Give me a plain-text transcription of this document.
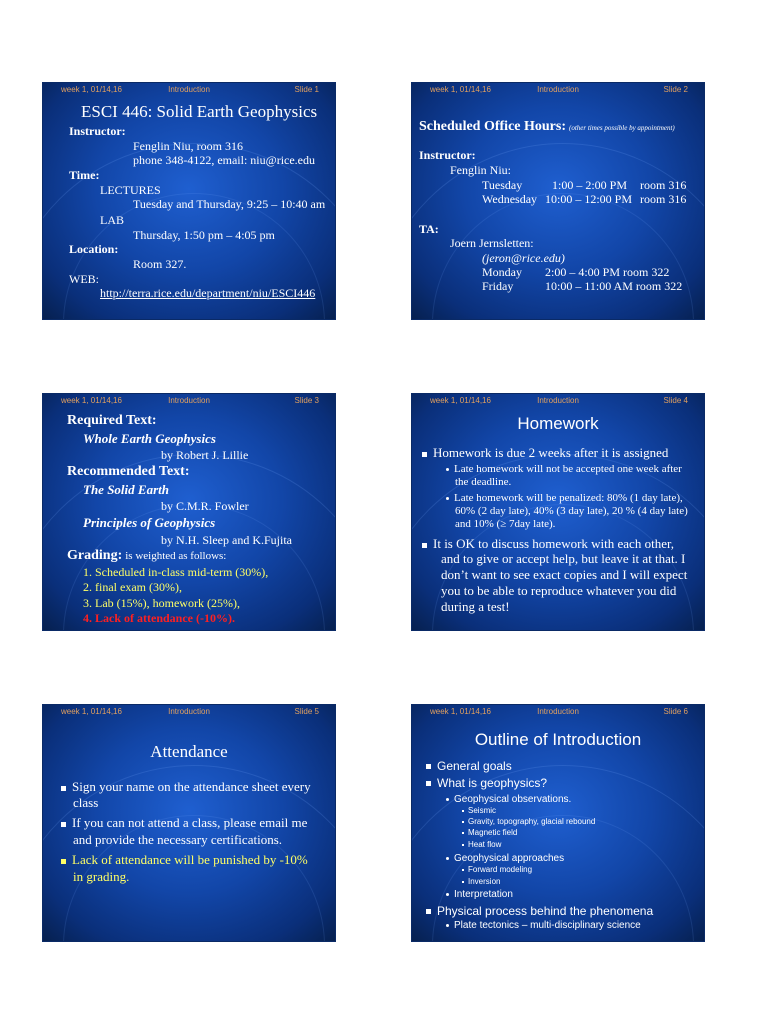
week 1, 01/14,16	Introduction	Slide 1
ESCI 446: Solid Earth Geophysics
Instructor:
Fenglin Niu, room 316
phone 348-4122, email: niu@rice.edu
Time:
LECTURES
Tuesday and Thursday, 9:25 – 10:40 am
LAB
Thursday, 1:50 pm – 4:05 pm
Location:
Room 327.
WEB:
http://terra.rice.edu/department/niu/ESCI446
week 1, 01/14,16	Introduction	Slide 2
Scheduled Office Hours: (other times possible by appointment)
Instructor:
Fenglin Niu:
Tuesday 1:00 – 2:00 PM room 316
Wednesday 10:00 – 12:00 PM room 316
TA:
Joern Jernsletten:
(jeron@rice.edu)
Monday 2:00 – 4:00 PM room 322
Friday	10:00 – 11:00 AM room 322
week 1, 01/14,16	Introduction	Slide 3
Required Text:
Whole Earth Geophysics
by Robert J. Lillie
Recommended Text:
The Solid Earth
by C.M.R. Fowler
Principles of Geophysics
by N.H. Sleep and K.Fujita
Grading: is weighted as follows:
1. Scheduled in-class mid-term (30%),
2. final exam (30%),
3. Lab (15%), homework (25%),
4. Lack of attendance (-10%).
week 1, 01/14,16	Introduction	Slide 4
Homework
Homework is due 2 weeks after it is assigned
Late homework will not be accepted one week after
the deadline.
Late homework will be penalized: 80% (1 day late),
60% (2 day late), 40% (3 day late), 20 % (4 day late)
and 10% (≥ 7day late).
It is OK to discuss homework with each other,
and to give or accept help, but leave it at that. I
don’t want to see exact copies and I will expect
you to be able to reproduce whatever you did
during a test!
week 1, 01/14,16	Introduction	Slide 5
Attendance
Sign your name on the attendance sheet every
class
If you can not attend a class, please email me
and provide the necessary certifications.
Lack of attendance will be punished by -10%
in grading.
week 1, 01/14,16	Introduction	Slide 6
Outline of Introduction
General goals
What is geophysics?
Geophysical observations.
Seismic
Gravity, topography, glacial rebound
Magnetic field
Heat flow
Geophysical approaches
Forward modeling
Inversion
Interpretation
Physical process behind the phenomena
Plate tectonics – multi-disciplinary science
